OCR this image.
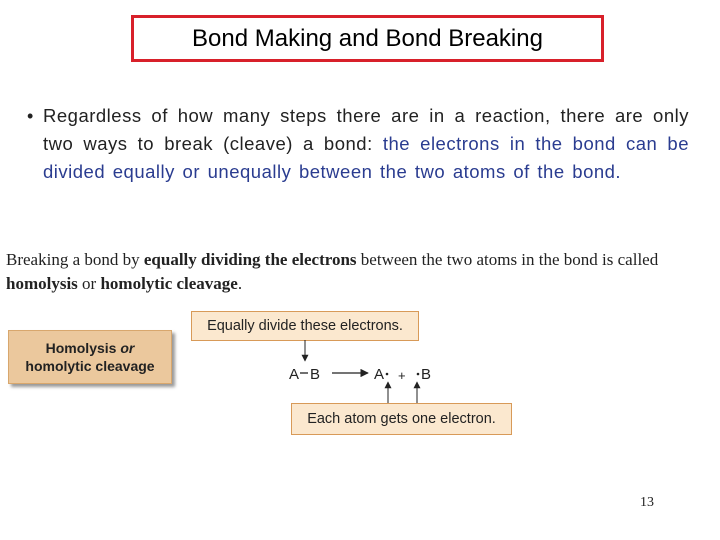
Bond Making and Bond Breaking
• Regardless of how many steps there are in a reaction, there are only two ways to break (cleave) a bond: the electrons in the bond can be divided equally or unequally between the two atoms of the bond.
Breaking a bond by equally dividing the electrons between the two atoms in the bond is called homolysis or homolytic cleavage.
Homolysis or
homolytic cleavage
Equally divide these electrons.
A B	A + B
Each atom gets one electron.
13
